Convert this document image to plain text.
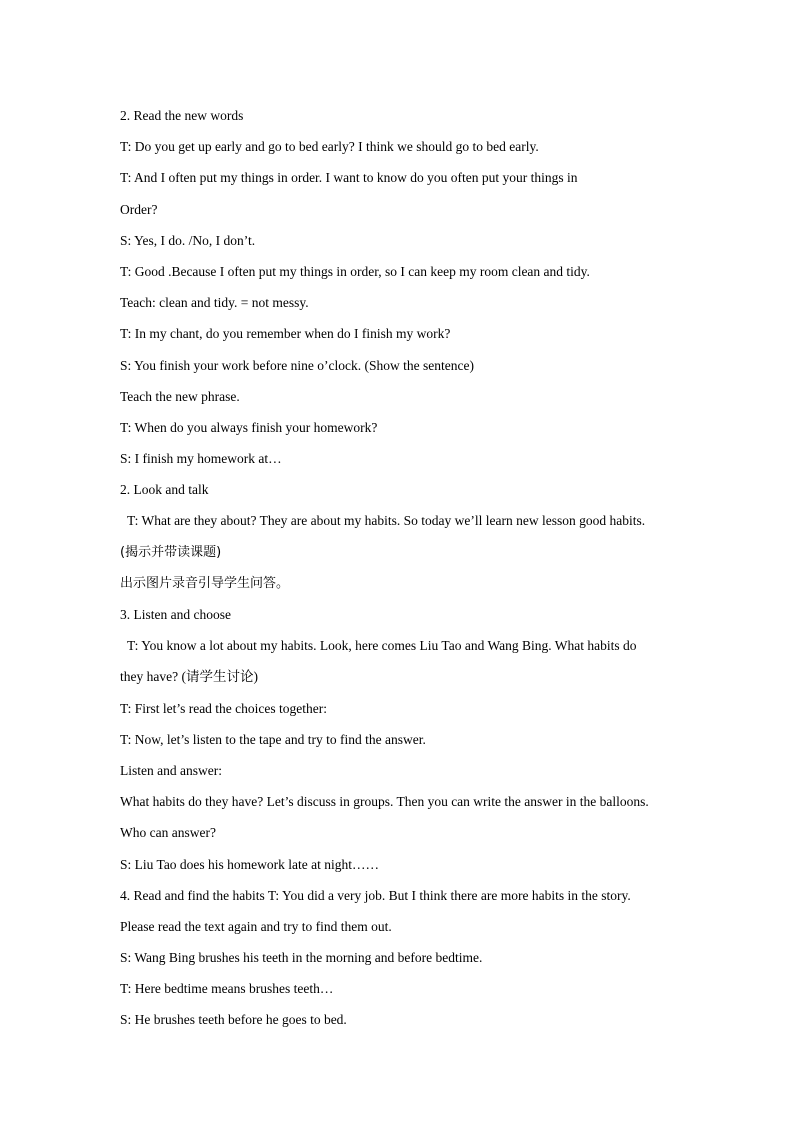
2. Read the new words
T: Do you get up early and go to bed early? I think we should go to bed early.
T: And I often put my things in order. I want to know do you often put your things in
Order?
S: Yes, I do. /No, I don’t.
T: Good .Because I often put my things in order, so I can keep my room clean and tidy.
Teach: clean and tidy. = not messy.
T: In my chant, do you remember when do I finish my work?
S: You finish your work before nine o’clock. (Show the sentence)
Teach the new phrase.
T: When do you always finish your homework?
S: I finish my homework at…
2. Look and talk
T: What are they about? They are about my habits. So today we’ll learn new lesson good habits.
(揭示并带读课题)
出示图片录音引导学生问答。
3. Listen and choose
T: You know a lot about my habits. Look, here comes Liu Tao and Wang Bing. What habits do
they have? (请学生讨论)
T: First let’s read the choices together:
T: Now, let’s listen to the tape and try to find the answer.
Listen and answer:
What habits do they have? Let’s discuss in groups. Then you can write the answer in the balloons.
Who can answer?
S: Liu Tao does his homework late at night……
4. Read and find the habits T: You did a very job. But I think there are more habits in the story.
Please read the text again and try to find them out.
S: Wang Bing brushes his teeth in the morning and before bedtime.
T: Here bedtime means brushes teeth…
S: He brushes teeth before he goes to bed.
